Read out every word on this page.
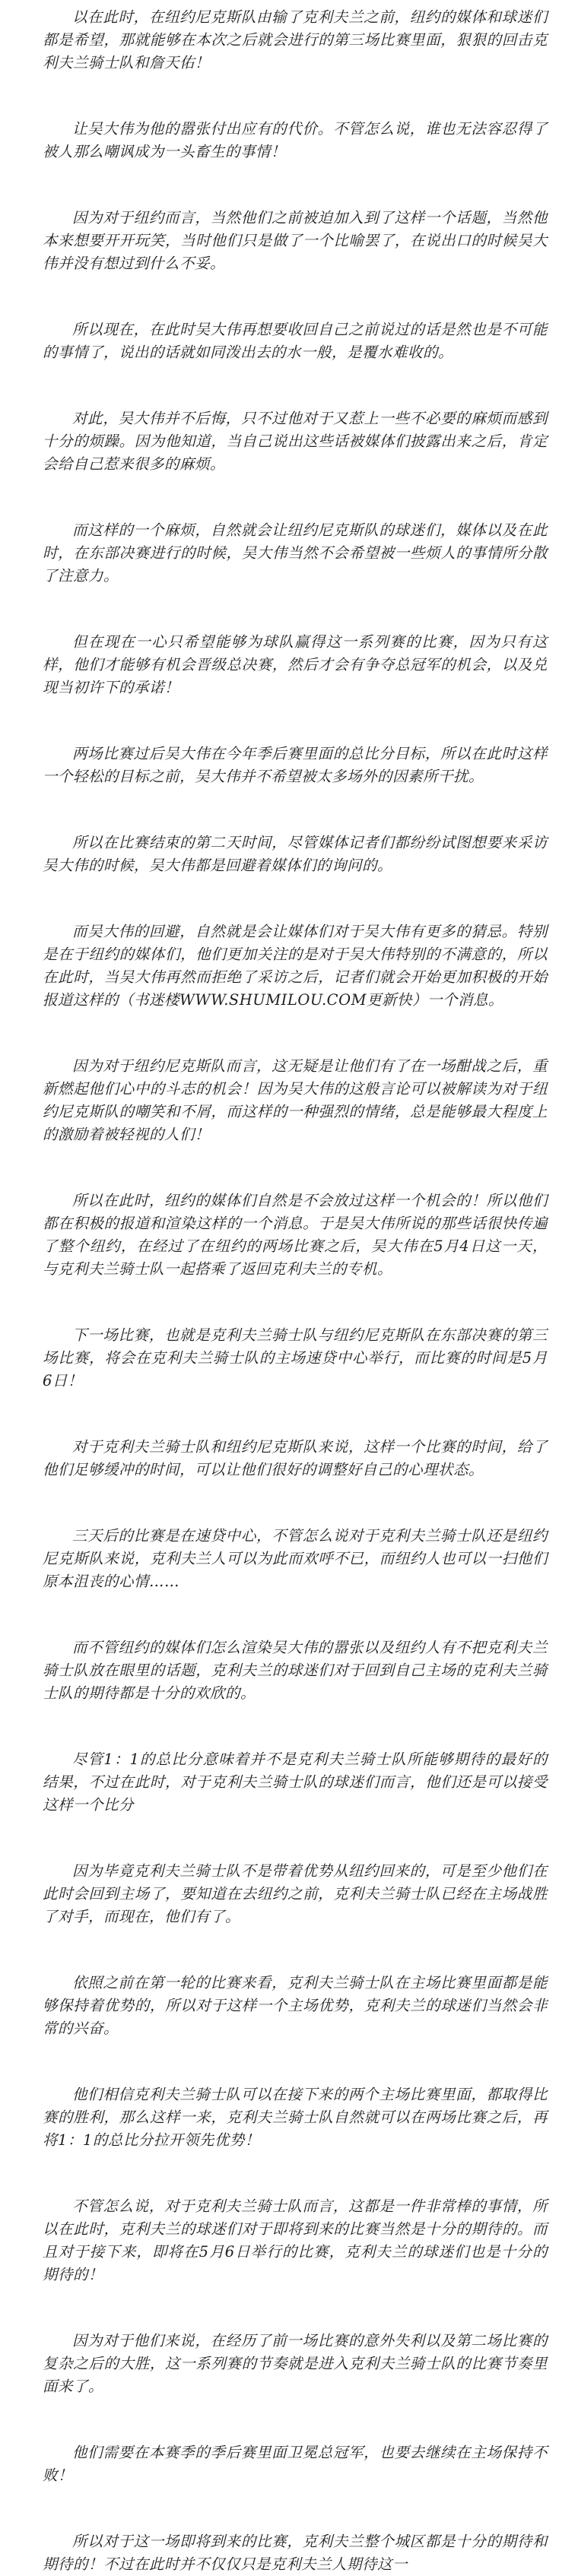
以在此时，在纽约尼克斯队由输了克利夫兰之前，纽约的媒体和球迷们都是希望，那就能够在本次之后就会进行的第三场比赛里面，狠狠的回击克利夫兰骑士队和詹天佑！

让吴大伟为他的嚣张付出应有的代价。不管怎么说，谁也无法容忍得了被人那么嘲讽成为一头畜生的事情！

因为对于纽约而言，当然他们之前被迫加入到了这样一个话题，当然他本来想要开开玩笑，当时他们只是做了一个比喻罢了，在说出口的时候吴大伟并没有想过到什么不妥。

所以现在，在此时吴大伟再想要收回自己之前说过的话是然也是不可能的事情了，说出的话就如同泼出去的水一般，是覆水难收的。

对此，吴大伟并不后悔，只不过他对于又惹上一些不必要的麻烦而感到十分的烦躁。因为他知道，当自己说出这些话被媒体们披露出来之后，肯定会给自己惹来很多的麻烦。

而这样的一个麻烦，自然就会让纽约尼克斯队的球迷们，媒体以及在此时，在东部决赛进行的时候，吴大伟当然不会希望被一些烦人的事情所分散了注意力。

但在现在一心只希望能够为球队赢得这一系列赛的比赛，因为只有这样，他们才能够有机会晋级总决赛，然后才会有争夺总冠军的机会，以及兑现当初许下的承诺！

两场比赛过后吴大伟在今年季后赛里面的总比分目标，所以在此时这样一个轻松的目标之前，吴大伟并不希望被太多场外的因素所干扰。

所以在比赛结束的第二天时间，尽管媒体记者们都纷纷试图想要来采访吴大伟的时候，吴大伟都是回避着媒体们的询问的。

而吴大伟的回避，自然就是会让媒体们对于吴大伟有更多的猜忌。特别是在于纽约的媒体们，他们更加关注的是对于吴大伟特别的不满意的，所以在此时，当吴大伟再然而拒绝了采访之后，记者们就会开始更加积极的开始报道这样的（书迷楼WWW.SHUMILOU.COM更新快）一个消息。

因为对于纽约尼克斯队而言，这无疑是让他们有了在一场酣战之后，重新燃起他们心中的斗志的机会！因为吴大伟的这般言论可以被解读为对于纽约尼克斯队的嘲笑和不屑，而这样的一种强烈的情绪，总是能够最大程度上的激励着被轻视的人们！

所以在此时，纽约的媒体们自然是不会放过这样一个机会的！所以他们都在积极的报道和渲染这样的一个消息。于是吴大伟所说的那些话很快传遍了整个纽约，在经过了在纽约的两场比赛之后，吴大伟在5月4日这一天，与克利夫兰骑士队一起搭乘了返回克利夫兰的专机。

下一场比赛，也就是克利夫兰骑士队与纽约尼克斯队在东部决赛的第三场比赛，将会在克利夫兰骑士队的主场速贷中心举行，而比赛的时间是5月6日！

对于克利夫兰骑士队和纽约尼克斯队来说，这样一个比赛的时间，给了他们足够缓冲的时间，可以让他们很好的调整好自己的心理状态。

三天后的比赛是在速贷中心，不管怎么说对于克利夫兰骑士队还是纽约尼克斯队来说，克利夫兰人可以为此而欢呼不已，而纽约人也可以一扫他们原本沮丧的心情……

而不管纽约的媒体们怎么渲染吴大伟的嚣张以及纽约人有不把克利夫兰骑士队放在眼里的话题，克利夫兰的球迷们对于回到自己主场的克利夫兰骑士队的期待都是十分的欢欣的。

尽管1：1的总比分意味着并不是克利夫兰骑士队所能够期待的最好的结果，不过在此时，对于克利夫兰骑士队的球迷们而言，他们还是可以接受这样一个比分

因为毕竟克利夫兰骑士队不是带着优势从纽约回来的，可是至少他们在此时会回到主场了，要知道在去纽约之前，克利夫兰骑士队已经在主场战胜了对手，而现在，他们有了。

依照之前在第一轮的比赛来看，克利夫兰骑士队在主场比赛里面都是能够保持着优势的，所以对于这样一个主场优势，克利夫兰的球迷们当然会非常的兴奋。

他们相信克利夫兰骑士队可以在接下来的两个主场比赛里面，都取得比赛的胜利，那么这样一来，克利夫兰骑士队自然就可以在两场比赛之后，再将1：1的总比分拉开领先优势！

不管怎么说，对于克利夫兰骑士队而言，这都是一件非常棒的事情，所以在此时，克利夫兰的球迷们对于即将到来的比赛当然是十分的期待的。而且对于接下来，即将在5月6日举行的比赛，克利夫兰的球迷们也是十分的期待的！

因为对于他们来说，在经历了前一场比赛的意外失利以及第二场比赛的复杂之后的大胜，这一系列赛的节奏就是进入克利夫兰骑士队的比赛节奏里面来了。

他们需要在本赛季的季后赛里面卫冕总冠军，也要去继续在主场保持不败！

所以对于这一场即将到来的比赛，克利夫兰整个城区都是十分的期待和期待的！不过在此时并不仅仅只是克利夫兰人期待这一
